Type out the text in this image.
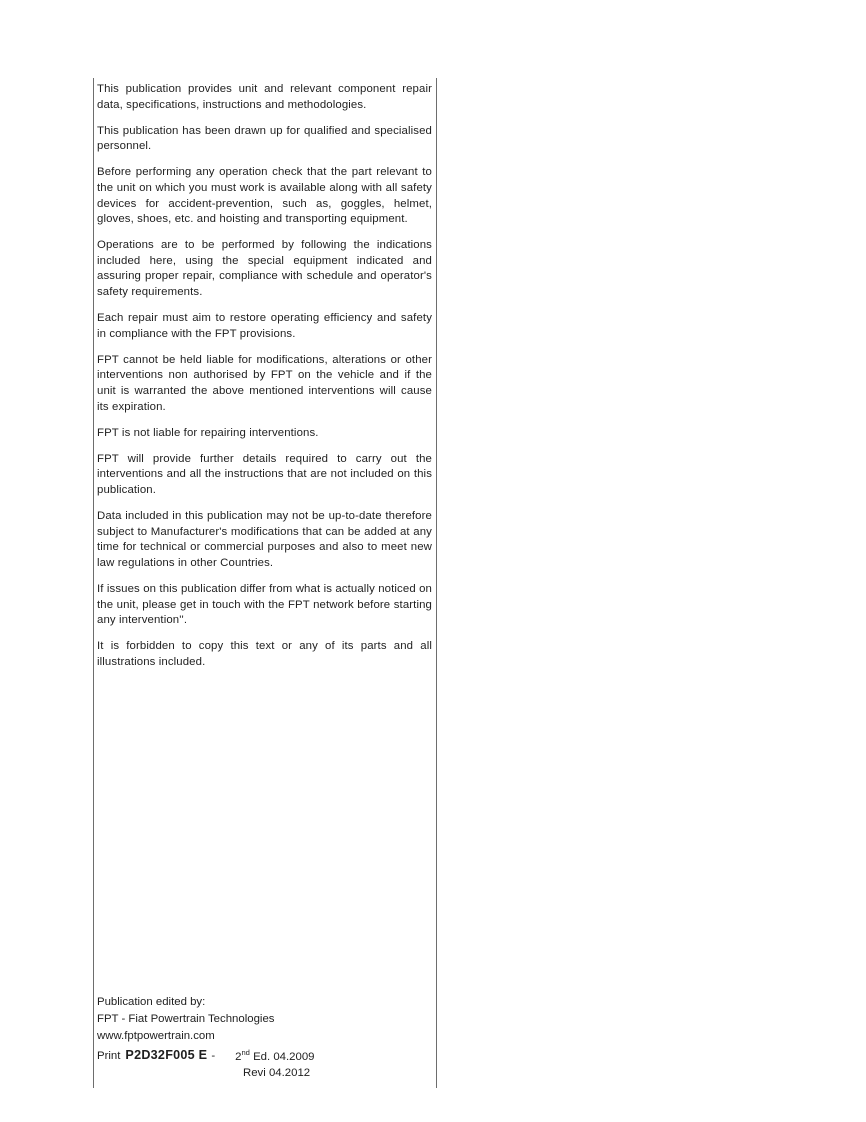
This publication provides unit and relevant component repair data, specifications, instructions and methodologies.

This publication has been drawn up for qualified and specialised personnel.

Before performing any operation check that the part relevant to the unit on which you must work is available along with all safety devices for accident-prevention, such as, goggles, helmet, gloves, shoes, etc. and hoisting and transporting equipment.

Operations are to be performed by following the indications included here, using the special equipment indicated and assuring proper repair, compliance with schedule and operator's safety requirements.

Each repair must aim to restore operating efficiency and safety in compliance with the FPT provisions.

FPT cannot be held liable for modifications, alterations or other interventions non authorised by FPT on the vehicle and if the unit is warranted the above mentioned interventions will cause its expiration.

FPT is not liable for repairing interventions.

FPT will provide further details required to carry out the interventions and all the instructions that are not included on this publication.

Data included in this publication may not be up-to-date therefore subject to Manufacturer's modifications that can be added at any time for technical or commercial purposes and also to meet new law regulations in other Countries.

If issues on this publication differ from what is actually noticed on the unit, please get in touch with the FPT network before starting any intervention''.

It is forbidden to copy this text or any of its parts and all illustrations included.

Publication edited by:
FPT - Fiat Powertrain Technologies
www.fptpowertrain.com
Print P2D32F005 E - 2nd Ed. 04.2009
Revi 04.2012
